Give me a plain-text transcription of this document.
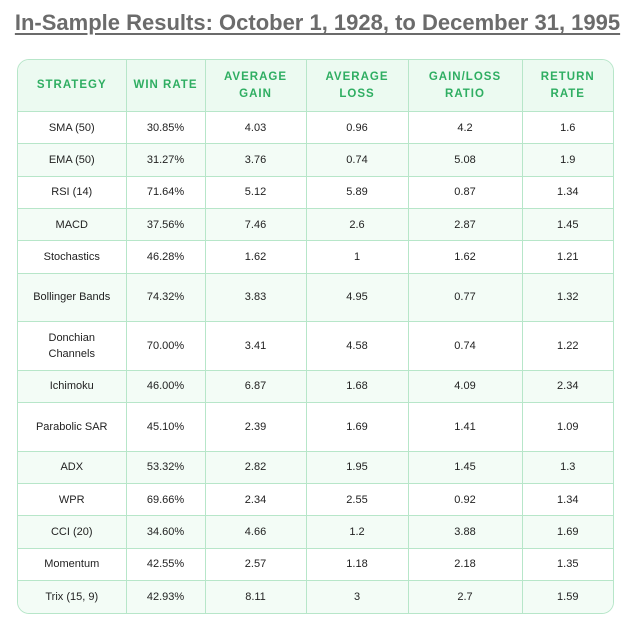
In-Sample Results: October 1, 1928, to December 31, 1995
STRATEGY	WIN RATE	AVERAGE GAIN	AVERAGE LOSS	GAIN/LOSS RATIO	RETURN RATE
SMA (50)	30.85%	4.03	0.96	4.2	1.6
EMA (50)	31.27%	3.76	0.74	5.08	1.9
RSI (14)	71.64%	5.12	5.89	0.87	1.34
MACD	37.56%	7.46	2.6	2.87	1.45
Stochastics	46.28%	1.62	1	1.62	1.21
Bollinger Bands	74.32%	3.83	4.95	0.77	1.32
Donchian Channels	70.00%	3.41	4.58	0.74	1.22
Ichimoku	46.00%	6.87	1.68	4.09	2.34
Parabolic SAR	45.10%	2.39	1.69	1.41	1.09
ADX	53.32%	2.82	1.95	1.45	1.3
WPR	69.66%	2.34	2.55	0.92	1.34
CCI (20)	34.60%	4.66	1.2	3.88	1.69
Momentum	42.55%	2.57	1.18	2.18	1.35
Trix (15, 9)	42.93%	8.11	3	2.7	1.59
